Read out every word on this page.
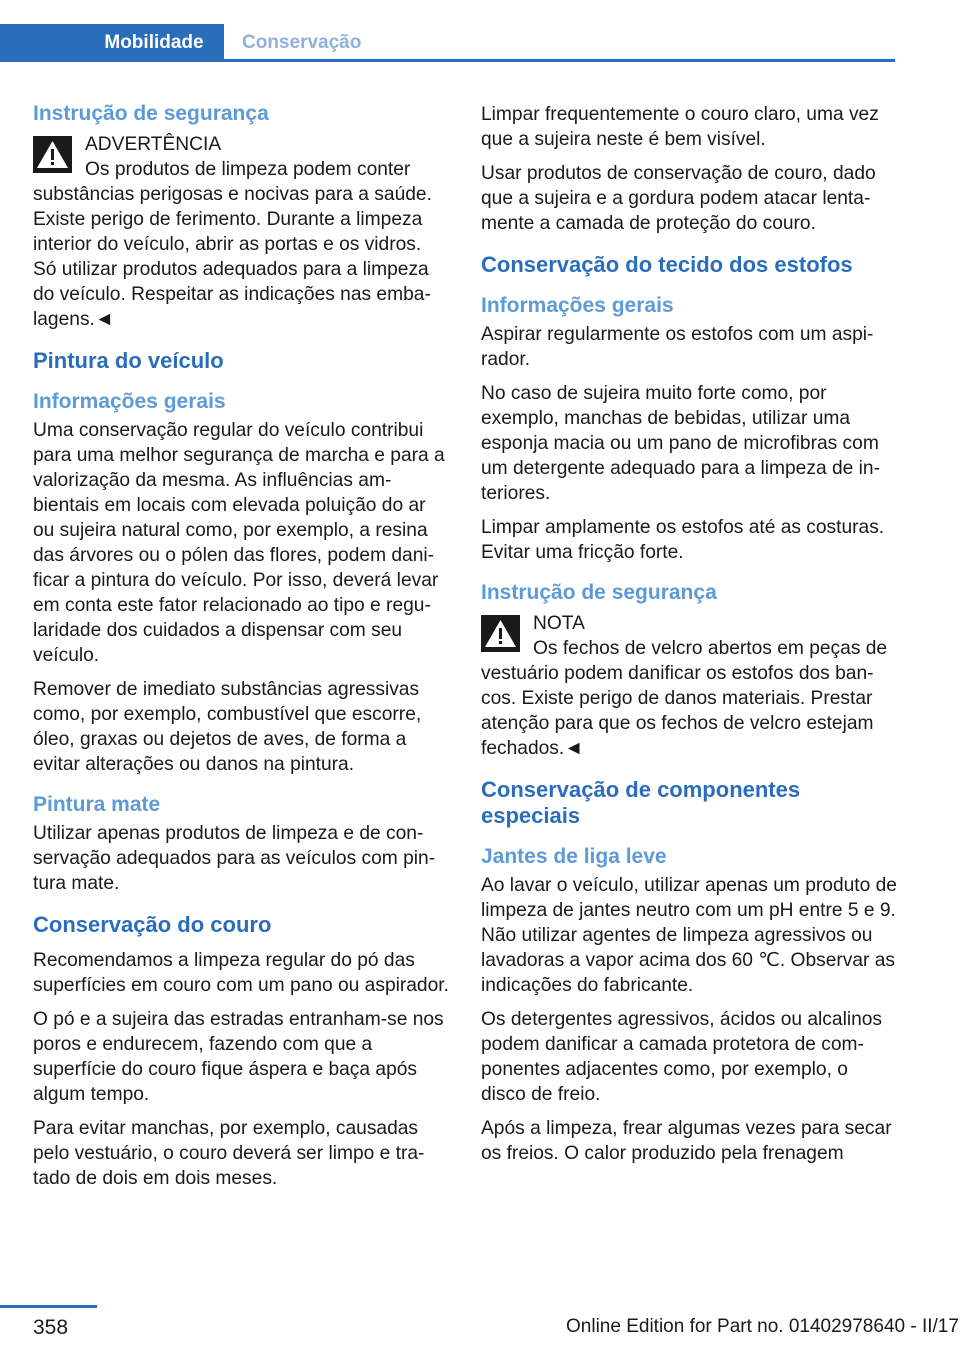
Mobilidade	Conservação
Instrução de segurança
ADVERTÊNCIA
Os produtos de limpeza podem conter
substâncias perigosas e nocivas para a saúde. Existe perigo de ferimento. Durante a limpeza interior do veículo, abrir as portas e os vidros. Só utilizar produtos adequados para a limpeza do veículo. Respeitar as indicações nas embalagens.◄
Pintura do veículo
Informações gerais

Uma conservação regular do veículo contribui para uma melhor segurança de marcha e para a valorização da mesma. As influências ambientais em locais com elevada poluição do ar ou sujeira natural como, por exemplo, a resina das árvores ou o pólen das flores, podem danificar a pintura do veículo. Por isso, deverá levar em conta este fator relacionado ao tipo e regularidade dos cuidados a dispensar com seu veículo.

Remover de imediato substâncias agressivas como, por exemplo, combustível que escorre, óleo, graxas ou dejetos de aves, de forma a evitar alterações ou danos na pintura.

Pintura mate

Utilizar apenas produtos de limpeza e de conservação adequados para as veículos com pintura mate.

Conservação do couro

Recomendamos a limpeza regular do pó das superfícies em couro com um pano ou aspirador.

O pó e a sujeira das estradas entranham-se nos poros e endurecem, fazendo com que a superfície do couro fique áspera e baça após algum tempo.

Para evitar manchas, por exemplo, causadas pelo vestuário, o couro deverá ser limpo e tratado de dois em dois meses.

Limpar frequentemente o couro claro, uma vez que a sujeira neste é bem visível.

Usar produtos de conservação de couro, dado que a sujeira e a gordura podem atacar lentamente a camada de proteção do couro.

Conservação do tecido dos estofos
Informações gerais

Aspirar regularmente os estofos com um aspirador.

No caso de sujeira muito forte como, por exemplo, manchas de bebidas, utilizar uma esponja macia ou um pano de microfibras com um detergente adequado para a limpeza de interiores.

Limpar amplamente os estofos até as costuras. Evitar uma fricção forte.

Instrução de segurança
NOTA
Os fechos de velcro abertos em peças de
vestuário podem danificar os estofos dos bancos. Existe perigo de danos materiais. Prestar atenção para que os fechos de velcro estejam fechados.◄
Conservação de componentes especiais
Jantes de liga leve

Ao lavar o veículo, utilizar apenas um produto de limpeza de jantes neutro com um pH entre 5 e 9. Não utilizar agentes de limpeza agressivos ou lavadoras a vapor acima dos 60 ℃. Observar as indicações do fabricante.

Os detergentes agressivos, ácidos ou alcalinos podem danificar a camada protetora de componentes adjacentes como, por exemplo, o disco de freio.

Após a limpeza, frear algumas vezes para secar os freios. O calor produzido pela frenagem

358	Online Edition for Part no. 01402978640 - II/17
